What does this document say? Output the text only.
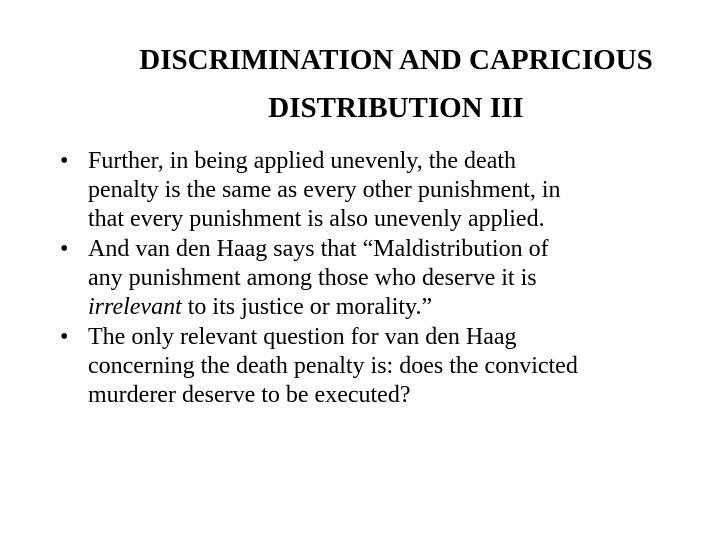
DISCRIMINATION AND CAPRICIOUS
DISTRIBUTION III
• Further, in being applied unevenly, the death
penalty is the same as every other punishment, in
that every punishment is also unevenly applied.
• And van den Haag says that “Maldistribution of
any punishment among those who deserve it is
irrelevant to its justice or morality.”
• The only relevant question for van den Haag
concerning the death penalty is: does the convicted
murderer deserve to be executed?
